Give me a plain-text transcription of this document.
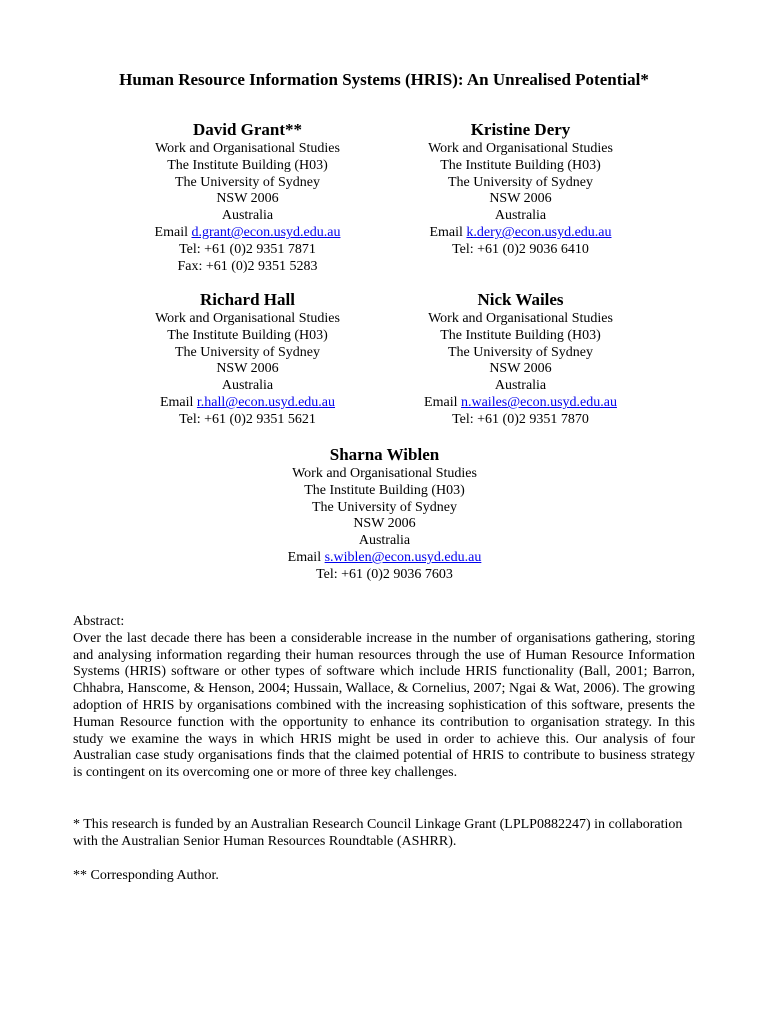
Human Resource Information Systems (HRIS): An Unrealised Potential*
David Grant**
Work and Organisational Studies
The Institute Building (H03)
The University of Sydney
NSW 2006
Australia
Email d.grant@econ.usyd.edu.au
Tel: +61 (0)2 9351 7871
Fax: +61 (0)2 9351 5283
Kristine Dery
Work and Organisational Studies
The Institute Building (H03)
The University of Sydney
NSW 2006
Australia
Email k.dery@econ.usyd.edu.au
Tel: +61 (0)2 9036 6410
Richard Hall
Work and Organisational Studies
The Institute Building (H03)
The University of Sydney
NSW 2006
Australia
Email r.hall@econ.usyd.edu.au
Tel: +61 (0)2 9351 5621
Nick Wailes
Work and Organisational Studies
The Institute Building (H03)
The University of Sydney
NSW 2006
Australia
Email n.wailes@econ.usyd.edu.au
Tel: +61 (0)2 9351 7870
Sharna Wiblen
Work and Organisational Studies
The Institute Building (H03)
The University of Sydney
NSW 2006
Australia
Email s.wiblen@econ.usyd.edu.au
Tel: +61 (0)2 9036 7603
Abstract:

Over the last decade there has been a considerable increase in the number of organisations gathering, storing and analysing information regarding their human resources through the use of Human Resource Information Systems (HRIS) software or other types of software which include HRIS functionality (Ball, 2001; Barron, Chhabra, Hanscome, & Henson, 2004; Hussain, Wallace, & Cornelius, 2007; Ngai & Wat, 2006). The growing adoption of HRIS by organisations combined with the increasing sophistication of this software, presents the Human Resource function with the opportunity to enhance its contribution to organisation strategy. In this study we examine the ways in which HRIS might be used in order to achieve this. Our analysis of four Australian case study organisations finds that the claimed potential of HRIS to contribute to business strategy is contingent on its overcoming one or more of three key challenges.

* This research is funded by an Australian Research Council Linkage Grant (LPLP0882247) in collaboration with the Australian Senior Human Resources Roundtable (ASHRR).
** Corresponding Author.
